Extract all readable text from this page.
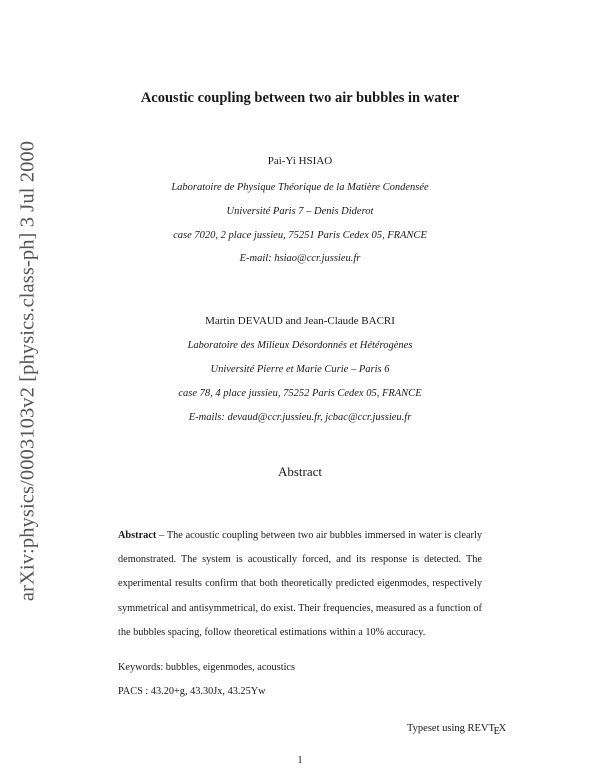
arXiv:physics/0003103v2 [physics.class-ph] 3 Jul 2000
Acoustic coupling between two air bubbles in water
Pai-Yi HSIAO
Laboratoire de Physique Théorique de la Matière Condensée
Université Paris 7 – Denis Diderot
case 7020, 2 place jussieu, 75251 Paris Cedex 05, FRANCE
E-mail: hsiao@ccr.jussieu.fr
Martin DEVAUD and Jean-Claude BACRI
Laboratoire des Milieux Désordonnés et Hétérogènes
Université Pierre et Marie Curie – Paris 6
case 78, 4 place jussieu, 75252 Paris Cedex 05, FRANCE
E-mails: devaud@ccr.jussieu.fr, jcbac@ccr.jussieu.fr
Abstract
Abstract – The acoustic coupling between two air bubbles immersed in water is clearly demonstrated. The system is acoustically forced, and its response is detected. The experimental results confirm that both theoretically predicted eigenmodes, respectively symmetrical and antisymmetrical, do exist. Their frequencies, measured as a function of the bubbles spacing, follow theoretical estimations within a 10% accuracy.
Keywords: bubbles, eigenmodes, acoustics
PACS : 43.20+g, 43.30Jx, 43.25Yw
Typeset using REVTEX
1
